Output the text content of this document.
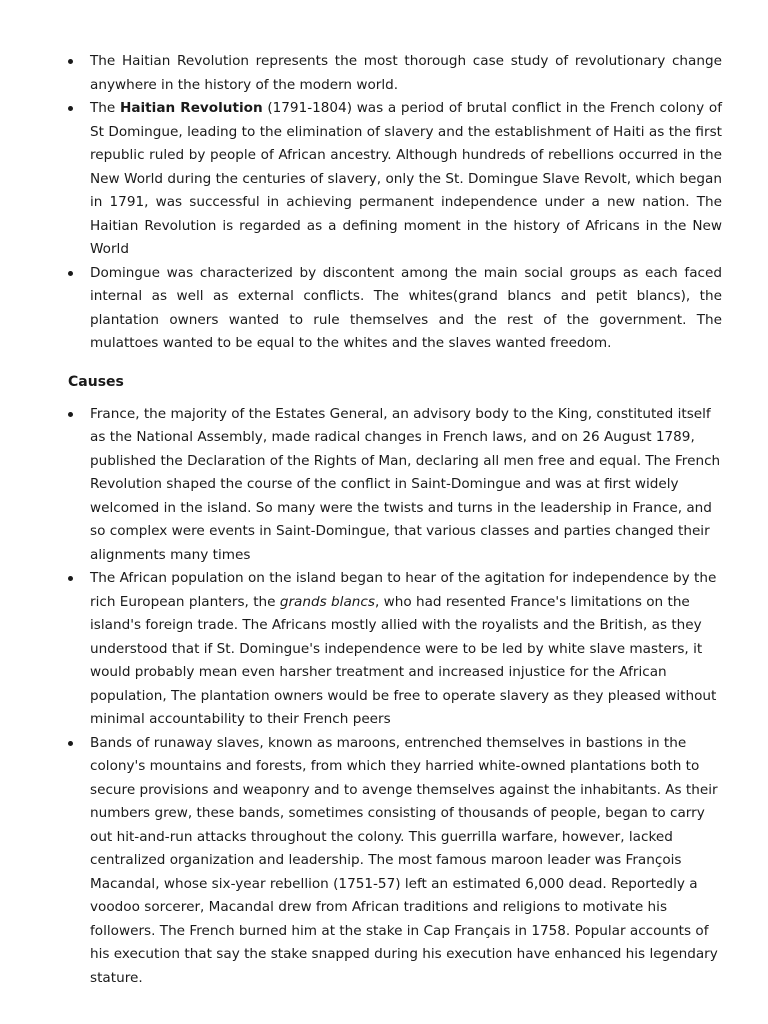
The Haitian Revolution represents the most thorough case study of revolutionary change anywhere in the history of the modern world.
The Haitian Revolution (1791-1804) was a period of brutal conflict in the French colony of St Domingue, leading to the elimination of slavery and the establishment of Haiti as the first republic ruled by people of African ancestry. Although hundreds of rebellions occurred in the New World during the centuries of slavery, only the St. Domingue Slave Revolt, which began in 1791, was successful in achieving permanent independence under a new nation. The Haitian Revolution is regarded as a defining moment in the history of Africans in the New World
Domingue was characterized by discontent among the main social groups as each faced internal as well as external conflicts. The whites(grand blancs and petit blancs), the plantation owners wanted to rule themselves and the rest of the government. The mulattoes wanted to be equal to the whites and the slaves wanted freedom.
Causes
France, the majority of the Estates General, an advisory body to the King, constituted itself as the National Assembly, made radical changes in French laws, and on 26 August 1789, published the Declaration of the Rights of Man, declaring all men free and equal. The French Revolution shaped the course of the conflict in Saint-Domingue and was at first widely welcomed in the island. So many were the twists and turns in the leadership in France, and so complex were events in Saint-Domingue, that various classes and parties changed their alignments many times
The African population on the island began to hear of the agitation for independence by the rich European planters, the grands blancs, who had resented France's limitations on the island's foreign trade. The Africans mostly allied with the royalists and the British, as they understood that if St. Domingue's independence were to be led by white slave masters, it would probably mean even harsher treatment and increased injustice for the African population, The plantation owners would be free to operate slavery as they pleased without minimal accountability to their French peers
Bands of runaway slaves, known as maroons, entrenched themselves in bastions in the colony's mountains and forests, from which they harried white-owned plantations both to secure provisions and weaponry and to avenge themselves against the inhabitants. As their numbers grew, these bands, sometimes consisting of thousands of people, began to carry out hit-and-run attacks throughout the colony. This guerrilla warfare, however, lacked centralized organization and leadership. The most famous maroon leader was François Macandal, whose six-year rebellion (1751-57) left an estimated 6,000 dead. Reportedly a voodoo sorcerer, Macandal drew from African traditions and religions to motivate his followers. The French burned him at the stake in Cap Français in 1758. Popular accounts of his execution that say the stake snapped during his execution have enhanced his legendary stature.
